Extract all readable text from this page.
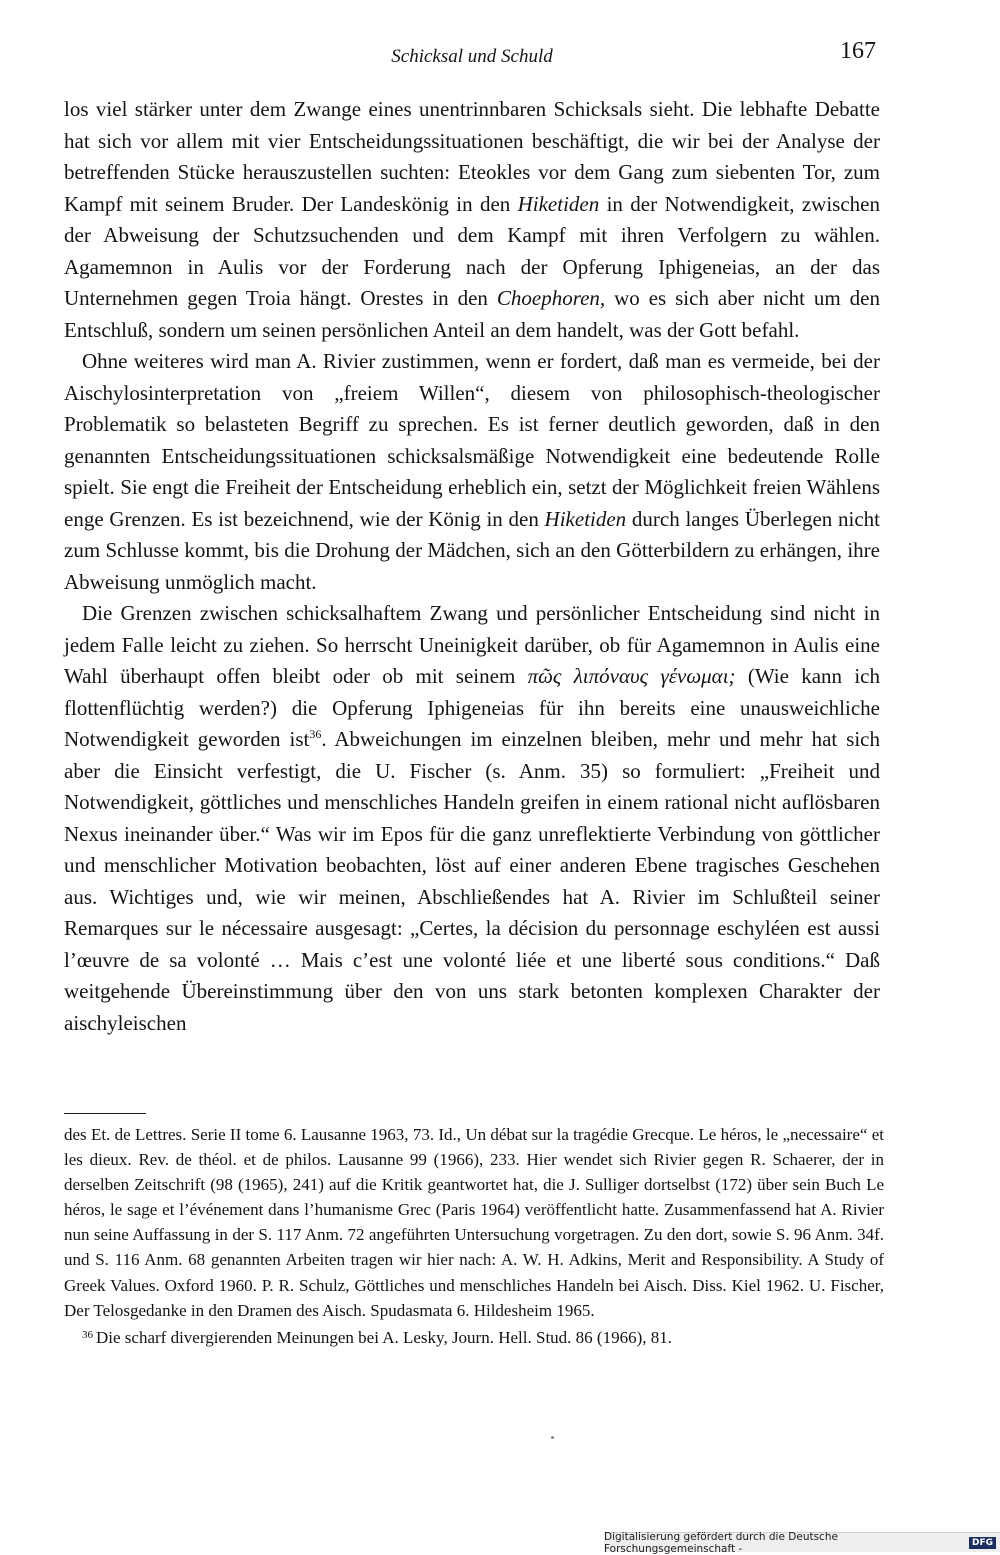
Schicksal und Schuld	167

los viel stärker unter dem Zwange eines unentrinnbaren Schicksals sieht. Die lebhafte Debatte hat sich vor allem mit vier Entscheidungssituationen beschäftigt, die wir bei der Analyse der betreffenden Stücke herauszustellen suchten: Eteokles vor dem Gang zum siebenten Tor, zum Kampf mit seinem Bruder. Der Landeskönig in den Hiketiden in der Notwendigkeit, zwischen der Abweisung der Schutzsuchenden und dem Kampf mit ihren Verfolgern zu wählen. Agamemnon in Aulis vor der Forderung nach der Opferung Iphigeneias, an der das Unternehmen gegen Troia hängt. Orestes in den Choephoren, wo es sich aber nicht um den Entschluß, sondern um seinen persönlichen Anteil an dem handelt, was der Gott befahl.

Ohne weiteres wird man A. Rivier zustimmen, wenn er fordert, daß man es vermeide, bei der Aischylosinterpretation von „freiem Willen“, diesem von philosophisch-theologischer Problematik so belasteten Begriff zu sprechen. Es ist ferner deutlich geworden, daß in den genannten Entscheidungssituationen schicksalsmäßige Notwendigkeit eine bedeutende Rolle spielt. Sie engt die Freiheit der Entscheidung erheblich ein, setzt der Möglichkeit freien Wählens enge Grenzen. Es ist bezeichnend, wie der König in den Hiketiden durch langes Überlegen nicht zum Schlusse kommt, bis die Drohung der Mädchen, sich an den Götterbildern zu erhängen, ihre Abweisung unmöglich macht.

Die Grenzen zwischen schicksalhaftem Zwang und persönlicher Entscheidung sind nicht in jedem Falle leicht zu ziehen. So herrscht Uneinigkeit darüber, ob für Agamemnon in Aulis eine Wahl überhaupt offen bleibt oder ob mit seinem πῶς λιπόναυς γένωμαι; (Wie kann ich flottenflüchtig werden?) die Opferung Iphigeneias für ihn bereits eine unausweichliche Notwendigkeit geworden ist$^{36}$. Abweichungen im einzelnen bleiben, mehr und mehr hat sich aber die Einsicht verfestigt, die U. Fischer (s. Anm. 35) so formuliert: „Freiheit und Notwendigkeit, göttliches und menschliches Handeln greifen in einem rational nicht auflösbaren Nexus ineinander über.“ Was wir im Epos für die ganz unreflektierte Verbindung von göttlicher und menschlicher Motivation beobachten, löst auf einer anderen Ebene tragisches Geschehen aus. Wichtiges und, wie wir meinen, Abschließendes hat A. Rivier im Schlußteil seiner Remarques sur le nécessaire ausgesagt: „Certes, la décision du personnage eschyléen est aussi l’œuvre de sa volonté … Mais c’est une volonté liée et une liberté sous conditions.“ Daß weitgehende Übereinstimmung über den von uns stark betonten komplexen Charakter der aischyleischen

des Et. de Lettres. Serie II tome 6. Lausanne 1963, 73. Id., Un débat sur la tragédie Grecque. Le héros, le „necessaire“ et les dieux. Rev. de théol. et de philos. Lausanne 99 (1966), 233. Hier wendet sich Rivier gegen R. Schaerer, der in derselben Zeitschrift (98 (1965), 241) auf die Kritik geantwortet hat, die J. Sulliger dortselbst (172) über sein Buch Le héros, le sage et l’événement dans l’humanisme Grec (Paris 1964) veröffentlicht hatte. Zusammenfassend hat A. Rivier nun seine Auffassung in der S. 117 Anm. 72 angeführten Untersuchung vorgetragen. Zu den dort, sowie S. 96 Anm. 34f. und S. 116 Anm. 68 genannten Arbeiten tragen wir hier nach: A. W. H. Adkins, Merit and Responsibility. A Study of Greek Values. Oxford 1960. P. R. Schulz, Göttliches und menschliches Handeln bei Aisch. Diss. Kiel 1962. U. Fischer, Der Telosgedanke in den Dramen des Aisch. Spudasmata 6. Hildesheim 1965.

$^{36}$ Die scharf divergierenden Meinungen bei A. Lesky, Journ. Hell. Stud. 86 (1966), 81.

Digitalisierung gefördert durch die Deutsche Forschungsgemeinschaft -	DFG
